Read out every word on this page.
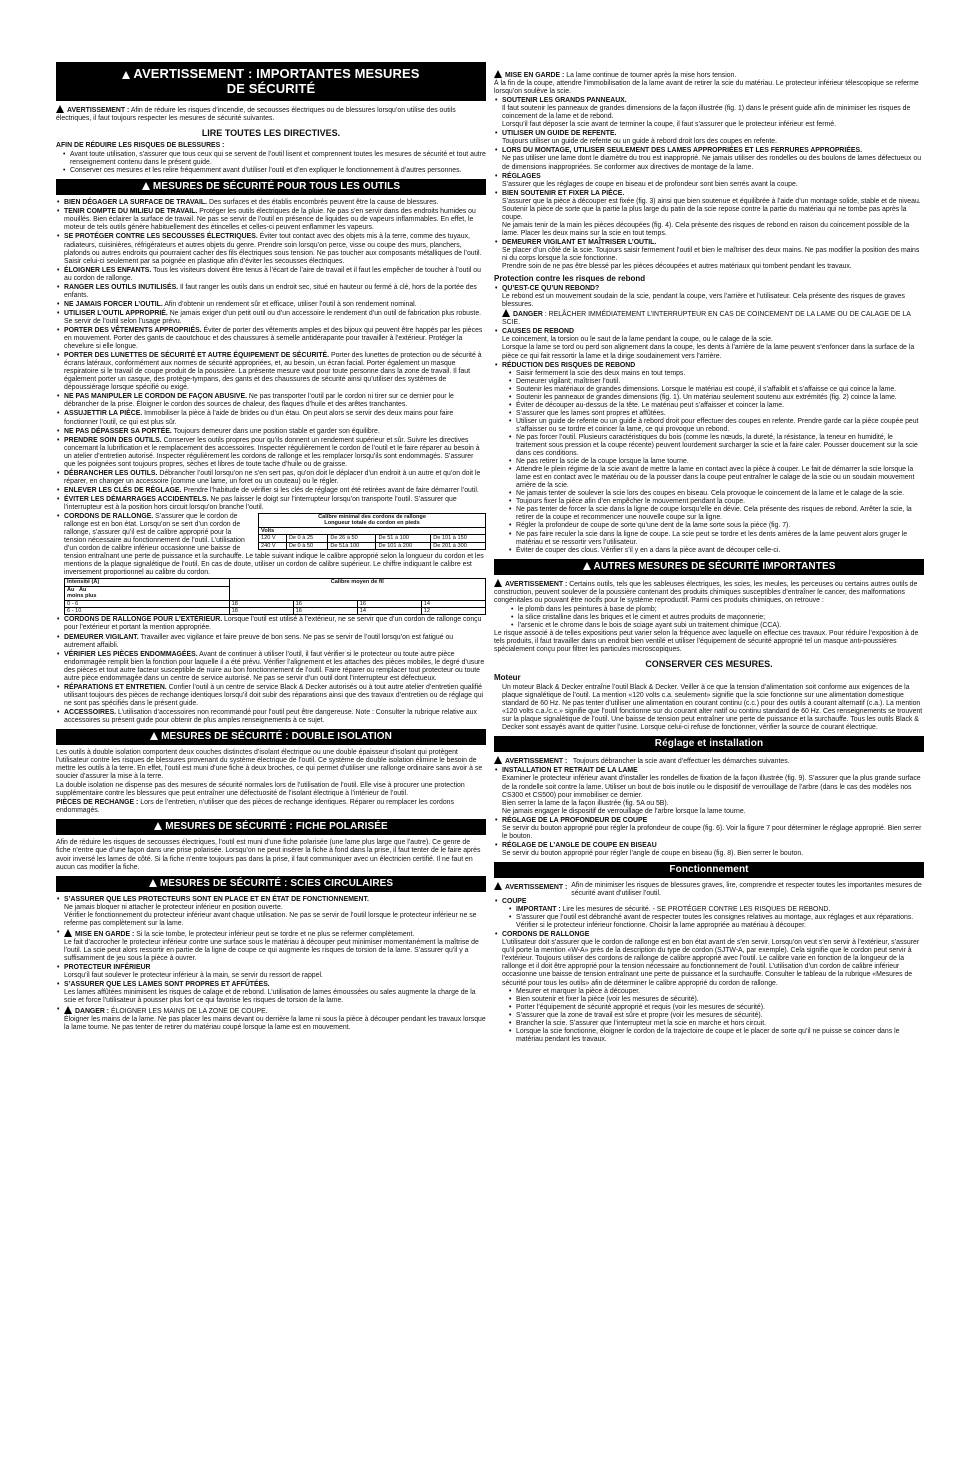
AVERTISSEMENT : IMPORTANTES MESURES
DE SÉCURITÉ

AVERTISSEMENT : Afin de réduire les risques d’incendie, de secousses électriques ou de blessures lorsqu’on utilise des outils électriques, il faut toujours respecter les mesures de sécurité suivantes.

LIRE TOUTES LES DIRECTIVES.

AFIN DE RÉDUIRE LES RISQUES DE BLESSURES :

• Avant toute utilisation, s’assurer que tous ceux qui se servent de l’outil lisent et comprennent toutes les mesures de sécurité et tout autre renseignement contenu dans le présent guide.
• Conserver ces mesures et les relire fréquemment avant d’utiliser l’outil et d’en expliquer le fonctionnement à d’autres personnes.
MESURES DE SÉCURITÉ POUR TOUS LES OUTILS
• BIEN DÉGAGER LA SURFACE DE TRAVAIL. Des surfaces et des établis encombrés peuvent être la cause de blessures.
• TENIR COMPTE DU MILIEU DE TRAVAIL. Protéger les outils électriques de la pluie. Ne pas s’en servir dans des endroits humides ou mouillés. Bien éclairer la surface de travail. Ne pas se servir de l’outil en présence de liquides ou de vapeurs inflammables. En effet, le moteur de tels outils génère habituellement des étincelles et celles-ci peuvent enflammer les vapeurs.
• SE PROTÉGER CONTRE LES SECOUSSES ÉLECTRIQUES. Éviter tout contact avec des objets mis à la terre, comme des tuyaux, radiateurs, cuisinières, réfrigérateurs et autres objets du genre. Prendre soin lorsqu’on perce, visse ou coupe des murs, planchers, plafonds ou autres endroits qui pourraient cacher des fils électriques sous tension. Ne pas toucher aux composants métalliques de l’outil. Saisir celui-ci seulement par sa poignée en plastique afin d’éviter les secousses électriques.
• ÉLOIGNER LES ENFANTS. Tous les visiteurs doivent être tenus à l’écart de l’aire de travail et il faut les empêcher de toucher à l’outil ou au cordon de rallonge.
• RANGER LES OUTILS INUTILISÉS. Il faut ranger les outils dans un endroit sec, situé en hauteur ou fermé à clé, hors de la portée des enfants.
• NE JAMAIS FORCER L’OUTIL. Afin d’obtenir un rendement sûr et efficace, utiliser l’outil à son rendement nominal.
• UTILISER L’OUTIL APPROPRIÉ. Ne jamais exiger d’un petit outil ou d’un accessoire le rendement d’un outil de fabrication plus robuste. Se servir de l’outil selon l’usage prévu.
• PORTER DES VÊTEMENTS APPROPRIÉS. Éviter de porter des vêtements amples et des bijoux qui peuvent être happés par les pièces en mouvement. Porter des gants de caoutchouc et des chaussures à semelle antidérapante pour travailler à l’extérieur. Protéger la chevelure si elle longue.
• PORTER DES LUNETTES DE SÉCURITÉ ET AUTRE ÉQUIPEMENT DE SÉCURITÉ. Porter des lunettes de protection ou de sécurité à écrans latéraux, conformément aux normes de sécurité appropriées, et, au besoin, un écran facial. Porter également un masque respiratoire si le travail de coupe produit de la poussière. La présente mesure vaut pour toute personne dans la zone de travail. Il faut également porter un casque, des protège-tympans, des gants et des chaussures de sécurité ainsi qu’utiliser des systèmes de dépoussiérage lorsque spécifié ou exigé.
• NE PAS MANIPULER LE CORDON DE FAÇON ABUSIVE. Ne pas transporter l’outil par le cordon ni tirer sur ce dernier pour le débrancher de la prise. Éloigner le cordon des sources de chaleur, des flaques d’huile et des arêtes tranchantes.
• ASSUJETTIR LA PIÈCE. Immobiliser la pièce à l’aide de brides ou d’un étau. On peut alors se servir des deux mains pour faire fonctionner l’outil, ce qui est plus sûr.
• NE PAS DÉPASSER SA PORTÉE. Toujours demeurer dans une position stable et garder son équilibre.
• PRENDRE SOIN DES OUTILS. Conserver les outils propres pour qu’ils donnent un rendement supérieur et sûr. Suivre les directives concernant la lubrification et le remplacement des accessoires. Inspecter régulièrement le cordon de l’outil et le faire réparer au besoin à un atelier d’entretien autorisé. Inspecter régulièrement les cordons de rallonge et les remplacer lorsqu’ils sont endommagés. S’assurer que les poignées sont toujours propres, sèches et libres de toute tache d’huile ou de graisse.
• DÉBRANCHER LES OUTILS. Débrancher l’outil lorsqu’on ne s’en sert pas, qu’on doit le déplacer d’un endroit à un autre et qu’on doit le réparer, en changer un accessoire (comme une lame, un foret ou un couteau) ou le régler.
• ENLEVER LES CLÉS DE RÉGLAGE. Prendre l’habitude de vérifier si les clés de réglage ont été retirées avant de faire démarrer l’outil.
• ÉVITER LES DÉMARRAGES ACCIDENTELS. Ne pas laisser le doigt sur l’interrupteur lorsqu’on transporte l’outil. S’assurer que l’interrupteur est à la position hors circuit lorsqu’on branche l’outil.
• Calibre minimal des cordons de rallonge
Longueur totale du cordon en pieds				
Volts				
120 V	De 0 à 25	De 26 à 50	De 51 à 100	De 101 à 150
240 V	De 0 à 50	De 51à 100	De 101 à 200	De 201 à 300
CORDONS DE RALLONGE. S’assurer que le cordon de rallonge est en bon état. Lorsqu’on se sert d’un cordon de rallonge, s’assurer qu’il est de calibre approprié pour la tension nécessaire au fonctionnement de l’outil. L’utilisation d’un cordon de calibre inférieur occasionne une baisse de tension entraînant une perte de puissance et la surchauffe. Le table suivant indique le calibre approprié selon la longueur du cordon et les mentions de la plaque signalétique de l’outil. En cas de doute, utiliser un cordon de calibre supérieur. Le chiffre indiquant le calibre est inversement proportionnel au calibre du cordon.
Intensité (A)	Calibre moyen de fil			
Au Au
moins plus				
0 - 6	18	16	16	14
6 - 10	18	16	14	12
• CORDONS DE RALLONGE POUR L’EXTÉRIEUR. Lorsque l’outil est utilisé à l’extérieur, ne se servir que d’un cordon de rallonge conçu pour l’extérieur et portant la mention appropriée.
• DEMEURER VIGILANT. Travailler avec vigilance et faire preuve de bon sens. Ne pas se servir de l’outil lorsqu’on est fatigué ou autrement affaibli.
• VÉRIFIER LES PIÈCES ENDOMMAGÉES. Avant de continuer à utiliser l’outil, il faut vérifier si le protecteur ou toute autre pièce endommagée remplit bien la fonction pour laquelle il a été prévu. Vérifier l’alignement et les attaches des pièces mobiles, le degré d’usure des pièces et tout autre facteur susceptible de nuire au bon fonctionnement de l’outil. Faire réparer ou remplacer tout protecteur ou toute autre pièce endommagée dans un centre de service autorisé. Ne pas se servir d’un outil dont l’interrupteur est défectueux.
• RÉPARATIONS ET ENTRETIEN. Confier l’outil à un centre de service Black & Decker autorisés ou à tout autre atelier d’entretien qualifié utilisant toujours des pièces de rechange identiques lorsqu’il doit subir des réparations ainsi que des travaux d’entretien ou de réglage qui ne sont pas spécifiés dans le présent guide.
• ACCESSOIRES. L’utilisation d’accessoires non recommandé pour l’outil peut être dangereuse. Note : Consulter la rubrique relative aux accessoires su présent guide pour obtenir de plus amples renseignements à ce sujet.
MESURES DE SÉCURITÉ : DOUBLE ISOLATION

Les outils à double isolation comportent deux couches distinctes d’isolant électrique ou une double épaisseur d’isolant qui protègent l’utilisateur contre les risques de blessures provenant du système électrique de l’outil. Ce système de double isolation élimine le besoin de mettre les outils à la terre. En effet, l’outil est muni d’une fiche à deux broches, ce qui permet d’utiliser une rallonge ordinaire sans avoir à se soucier d’assurer la mise à la terre.

La double isolation ne dispense pas des mesures de sécurité normales lors de l’utilisation de l’outil. Elle vise à procurer une protection supplémentaire contre les blessures que peut entraîner une défectuosité de l’isolant électrique à l’intérieur de l’outil.

PIÈCES DE RECHANGE : Lors de l’entretien, n’utiliser que des pièces de rechange identiques. Réparer ou remplacer les cordons endommagés.

MESURES DE SÉCURITÉ : FICHE POLARISÉE

Afin de réduire les risques de secousses électriques, l’outil est muni d’une fiche polarisée (une lame plus large que l’autre). Ce genre de fiche n’entre que d’une façon dans une prise polarisée. Lorsqu’on ne peut insérer la fiche à fond dans la prise, il faut tenter de le faire après avoir inversé les lames de côté. Si la fiche n’entre toujours pas dans la prise, il faut communiquer avec un électricien certifié. Il ne faut en aucun cas modifier la fiche.

MESURES DE SÉCURITÉ : SCIES CIRCULAIRES
• S’ASSURER QUE LES PROTECTEURS SONT EN PLACE ET EN ÉTAT DE FONCTIONNEMENT.
Ne jamais bloquer ni attacher le protecteur inférieur en position ouverte.
Vérifier le fonctionnement du protecteur inférieur avant chaque utilisation. Ne pas se servir de l’outil lorsque le protecteur inférieur ne se referme pas complètement sur la lame.
• MISE EN GARDE : Si la scie tombe, le protecteur inférieur peut se tordre et ne plus se refermer complètement.
Le fait d’accrocher le protecteur inférieur contre une surface sous le matériau à découper peut minimiser momentanément la maîtrise de l’outil. La scie peut alors ressortir en partie de la ligne de coupe ce qui augmente les risques de torsion de la lame. S’assurer qu’il y a suffisamment de jeu sous la pièce à ouvrer.
• PROTECTEUR INFÉRIEUR
Lorsqu’il faut soulever le protecteur inférieur à la main, se servir du ressort de rappel.
• S’ASSURER QUE LES LAMES SONT PROPRES ET AFFÛTÉES.
Les lames affûtées minimisent les risques de calage et de rebond. L’utilisation de lames émoussées ou sales augmente la charge de la scie et force l’utilisateur à pousser plus fort ce qui favorise les risques de torsion de la lame.
• DANGER : ÉLOIGNER LES MAINS DE LA ZONE DE COUPE.
Éloigner les mains de la lame. Ne pas placer les mains devant ou derrière la lame ni sous la pièce à découper pendant les travaux lorsque la lame tourne. Ne pas tenter de retirer du matériau coupé lorsque la lame est en mouvement.

MISE EN GARDE : La lame continue de tourner après la mise hors tension.
À la fin de la coupe, attendre l’immobilisation de la lame avant de retirer la scie du matériau. Le protecteur inférieur télescopique se referme lorsqu’on soulève la scie.

• SOUTENIR LES GRANDS PANNEAUX.
Il faut soutenir les panneaux de grandes dimensions de la façon illustrée (fig. 1) dans le présent guide afin de minimiser les risques de coincement de la lame et de rebond.
Lorsqu’il faut déposer la scie avant de terminer la coupe, il faut s’assurer que le protecteur inférieur est fermé.
• UTILISER UN GUIDE DE REFENTE.
Toujours utiliser un guide de refente ou un guide à rebord droit lors des coupes en refente.
• LORS DU MONTAGE, UTILISER SEULEMENT DES LAMES APPROPRIÉES ET LES FERRURES APPROPRIÉES.
Ne pas utiliser une lame dont le diamètre du trou est inapproprié. Ne jamais utiliser des rondelles ou des boulons de lames défectueux ou de dimensions inappropriées. Se conformer aux directives de montage de la lame.
• RÉGLAGES
S’assurer que les réglages de coupe en biseau et de profondeur sont bien serrés avant la coupe.
• BIEN SOUTENIR ET FIXER LA PIÈCE.
S’assurer que la pièce à découper est fixée (fig. 3) ainsi que bien soutenue et équilibrée à l’aide d’un montage solide, stable et de niveau.
Soutenir la pièce de sorte que la partie la plus large du patin de la scie repose contre la partie du matériau qui ne tombe pas après la coupe.
Ne jamais tenir de la main les pièces découpées (fig. 4). Cela présente des risques de rebond en raison du coincement possible de la lame. Placer les deux mains sur la scie en tout temps.
• DEMEURER VIGILANT ET MAÎTRISER L’OUTIL.
Se placer d’un côté de la scie. Toujours saisir fermement l’outil et bien le maîtriser des deux mains. Ne pas modifier la position des mains ni du corps lorsque la scie fonctionne.
Prendre soin de ne pas être blessé par les pièces découpées et autres matériaux qui tombent pendant les travaux.
Protection contre les risques de rebond
• QU’EST-CE QU’UN REBOND?
Le rebond est un mouvement soudain de la scie, pendant la coupe, vers l’arrière et l’utilisateur. Cela présente des risques de graves blessures.
DANGER : RELÂCHER IMMÉDIATEMENT L’INTERRUPTEUR EN CAS DE COINCEMENT DE LA LAME OU DE CALAGE DE LA SCIE.
• CAUSES DE REBOND
Le coincement, la torsion ou le saut de la lame pendant la coupe, ou le calage de la scie.
Lorsque la lame se tord ou perd son alignement dans la coupe, les dents à l’arrière de la lame peuvent s’enfoncer dans la surface de la pièce ce qui fait ressortir la lame et la dirige soudainement vers l’arrière.
• RÉDUCTION DES RISQUES DE REBOND
• Saisir fermement la scie des deux mains en tout temps.
• Demeurer vigilant; maîtriser l’outil.
• Soutenir les matériaux de grandes dimensions. Lorsque le matériau est coupé, il s’affaiblit et s’affaisse ce qui coince la lame.
• Soutenir les panneaux de grandes dimensions (fig. 1). Un matériau seulement soutenu aux extrémités (fig. 2) coince la lame.
• Éviter de découper au-dessus de la tête. Le matériau peut s’affaisser et coincer la lame.
• S’assurer que les lames sont propres et affûtées.
• Utiliser un guide de refente ou un guide à rebord droit pour effectuer des coupes en refente. Prendre garde car la pièce coupée peut s’affaisser ou se tordre et coincer la lame, ce qui provoque un rebond.
• Ne pas forcer l’outil. Plusieurs caractéristiques du bois (comme les nœuds, la dureté, la résistance, la teneur en humidité, le traitement sous pression et la coupe récente) peuvent lourdement surcharger la scie et la faire caler. Pousser doucement sur la scie dans ces conditions.
• Ne pas retirer la scie de la coupe lorsque la lame tourne.
• Attendre le plein régime de la scie avant de mettre la lame en contact avec la pièce à couper. Le fait de démarrer la scie lorsque la lame est en contact avec le matériau ou de la pousser dans la coupe peut entraîner le calage de la scie ou un soudain mouvement arrière de la scie.
• Ne jamais tenter de soulever la scie lors des coupes en biseau. Cela provoque le coincement de la lame et le calage de la scie.
• Toujours fixer la pièce afin d’en empêcher le mouvement pendant la coupe.
• Ne pas tenter de forcer la scie dans la ligne de coupe lorsqu’elle en dévie. Cela présente des risques de rebond. Arrêter la scie, la retirer de la coupe et recommencer une nouvelle coupe sur la ligne.
• Régler la profondeur de coupe de sorte qu’une dent de la lame sorte sous la pièce (fig. 7).
• Ne pas faire reculer la scie dans la ligne de coupe. La scie peut se tordre et les dents arrières de la lame peuvent alors gruger le matériau et se ressortir vers l’utilisateur.
• Éviter de couper des clous. Vérifier s’il y en a dans la pièce avant de découper celle-ci.
AUTRES MESURES DE SÉCURITÉ IMPORTANTES

AVERTISSEMENT : Certains outils, tels que les sableuses électriques, les scies, les meules, les perceuses ou certains autres outils de construction, peuvent soulever de la poussière contenant des produits chimiques susceptibles d’entraîner le cancer, des malformations congénitales ou pouvant être nocifs pour le système reproductif. Parmi ces produits chimiques, on retrouve :

• le plomb dans les peintures à base de plomb;
• la silice cristalline dans les briques et le ciment et autres produits de maçonnerie;
• l’arsenic et le chrome dans le bois de sciage ayant subi un traitement chimique (CCA).

Le risque associé à de telles expositions peut varier selon la fréquence avec laquelle on effectue ces travaux. Pour réduire l’exposition à de tels produits, il faut travailler dans un endroit bien ventilé et utiliser l’équipement de sécurité approprié tel un masque anti-poussières spécialement conçu pour filtrer les particules microscopiques.

CONSERVER CES MESURES.
Moteur

Un moteur Black & Decker entraîne l’outil Black & Decker. Veiller à ce que la tension d’alimentation soit conforme aux exigences de la plaque signalétique de l’outil. La mention «120 volts c.a. seulement» signifie que la scie fonctionne sur une alimentation domestique standard de 60 Hz. Ne pas tenter d’utiliser une alimentation en courant continu (c.c.) pour des outils à courant alternatif (c.a.). La mention «120 volts c.a./c.c.» signifie que l’outil fonctionne sur du courant alter natif ou continu standard de 60 Hz. Ces renseignements se trouvent sur la plaque signalétique de l’outil. Une baisse de tension peut entraîner une perte de puissance et la surchauffe. Tous les outils Black & Decker sont essayés avant de quitter l’usine. Lorsque celui-ci refuse de fonctionner, vérifier la source de courant électrique.

Réglage et installation

AVERTISSEMENT : Toujours débrancher la scie avant d’effectuer les démarches suivantes.

• INSTALLATION ET RETRAIT DE LA LAME
Examiner le protecteur inférieur avant d’installer les rondelles de fixation de la façon illustrée (fig. 9). S’assurer que la plus grande surface de la rondelle soit contre la lame. Utiliser un bout de bois inutile ou le dispositif de verrouillage de l’arbre (dans le cas des modèles nos CS300 et CS500) pour immobiliser ce dernier.
Bien serrer la lame de la façon illustrée (fig. 5A ou 5B).
Ne jamais engager le dispositif de verrouillage de l’arbre lorsque la lame tourne.
• RÉGLAGE DE LA PROFONDEUR DE COUPE
Se servir du bouton approprié pour régler la profondeur de coupe (fig. 6). Voir la figure 7 pour déterminer le réglage approprié. Bien serrer le bouton.
• RÉGLAGE DE L’ANGLE DE COUPE EN BISEAU
Se servir du bouton approprié pour régler l’angle de coupe en biseau (fig. 8). Bien serrer le bouton.
Fonctionnement
AVERTISSEMENT : Afin de minimiser les risques de blessures graves, lire, comprendre et respecter toutes les importantes mesures de sécurité avant d’utiliser l’outil.
• COUPE
• IMPORTANT : Lire les mesures de sécurité. - SE PROTÉGER CONTRE LES RISQUES DE REBOND.
• S’assurer que l’outil est débranché avant de respecter toutes les consignes relatives au montage, aux réglages et aux réparations. Vérifier si le protecteur inférieur fonctionne. Choisir la lame appropriée au matériau à découper.
• CORDONS DE RALLONGE
L’utilisateur doit s’assurer que le cordon de rallonge est en bon état avant de s’en servir. Lorsqu’on veut s’en servir à l’extérieur, s’assurer qu’il porte la mention «W-A» près de la description du type de cordon (SJTW-A, par exemple). Cela signifie que le cordon peut servir à l’extérieur. Toujours utiliser des cordons de rallonge de calibre approprié avec l’outil. Le calibre varie en fonction de la longueur de la rallonge et il doit être approprié pour la tension nécessaire au fonctionnement de l’outil. L’utilisation d’un cordon de calibre inférieur occasionne une baisse de tension entraînant une perte de puissance et la surchauffe. Consulter le tableau de la rubrique «Mesures de sécurité pour tous les outils» afin de déterminer le calibre approprié du cordon de rallonge.
• Mesurer et marquer la pièce à découper.
• Bien soutenir et fixer la pièce (voir les mesures de sécurité).
• Porter l’équipement de sécurité approprié et requis (voir les mesures de sécurité).
• S’assurer que la zone de travail est sûre et propre (voir les mesures de sécurité).
• Brancher la scie. S’assurer que l’interrupteur met la scie en marche et hors circuit.
• Lorsque la scie fonctionne, éloigner le cordon de la trajectoire de coupe et le placer de sorte qu’il ne puisse se coincer dans le matériau pendant les travaux.
